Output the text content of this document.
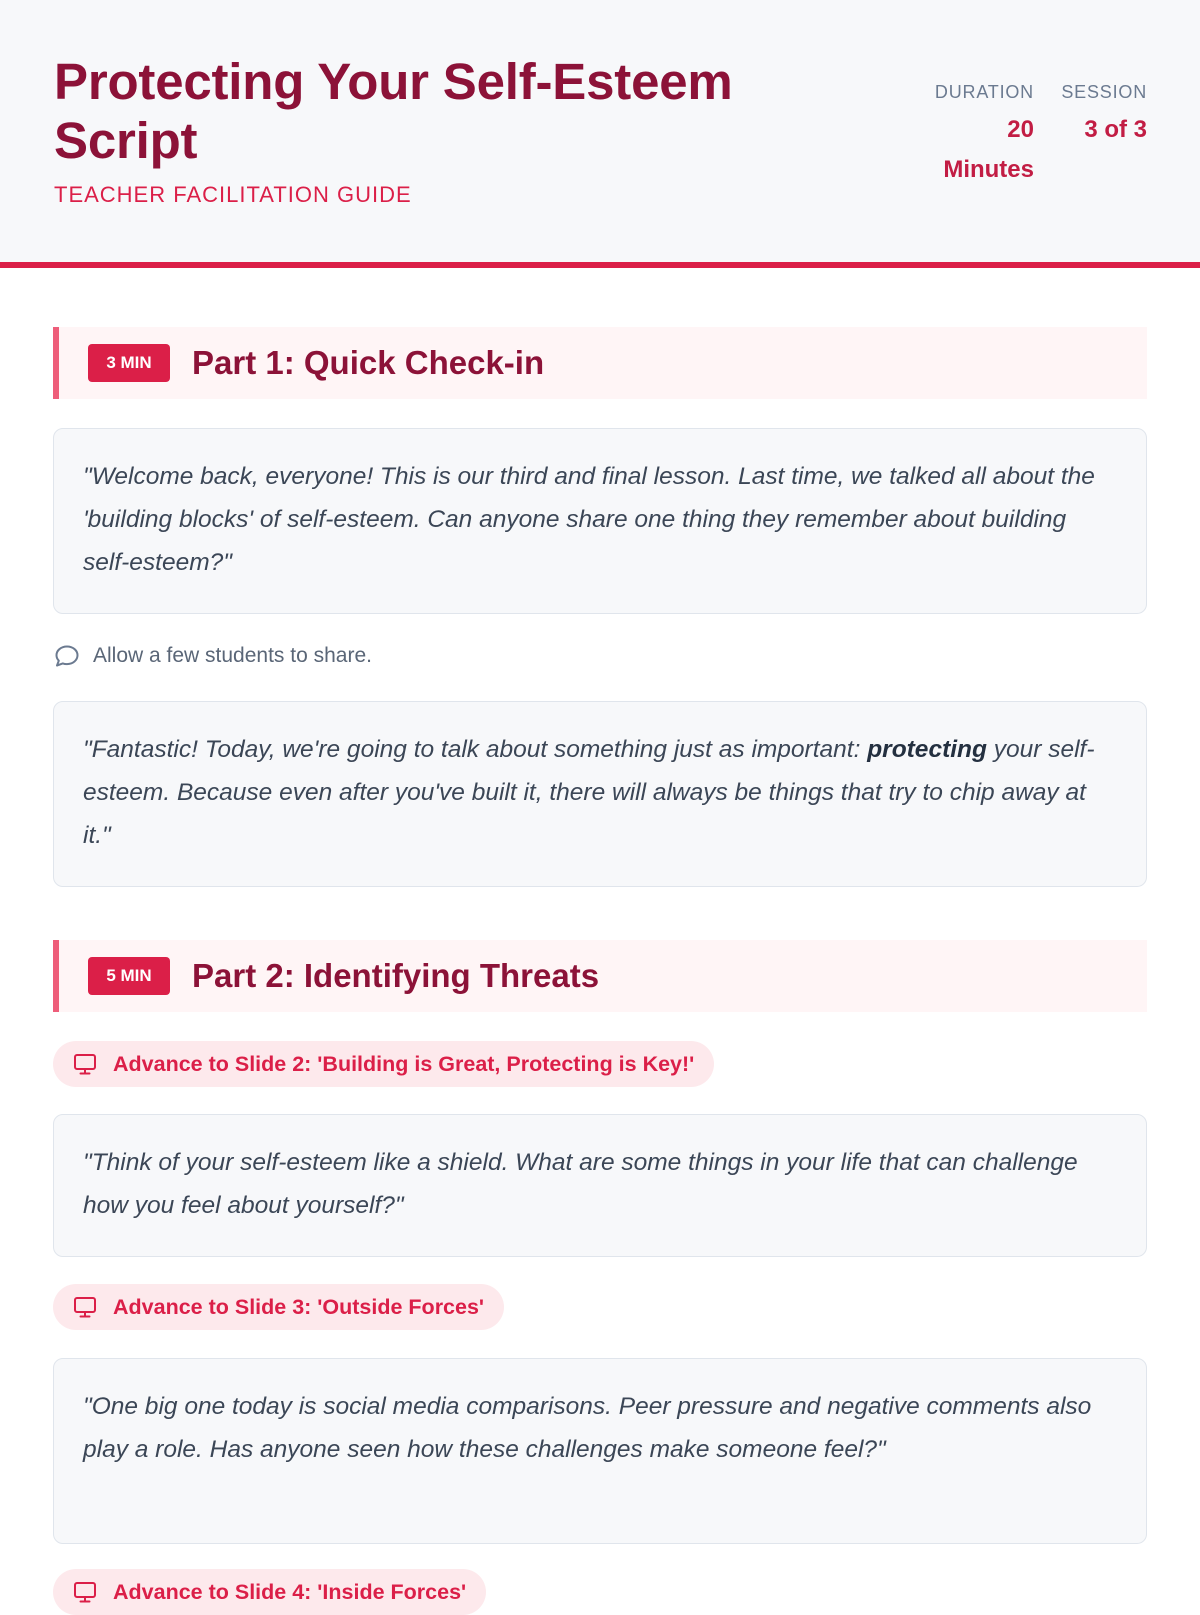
Protecting Your Self-Esteem Script
TEACHER FACILITATION GUIDE
DURATION
20 Minutes
SESSION
3 of 3
3 MIN	Part 1: Quick Check-in
"Welcome back, everyone! This is our third and final lesson. Last time, we talked all about the 'building blocks' of self-esteem. Can anyone share one thing they remember about building self-esteem?"
Allow a few students to share.
"Fantastic! Today, we're going to talk about something just as important: protecting your self-esteem. Because even after you've built it, there will always be things that try to chip away at it."
5 MIN	Part 2: Identifying Threats
Advance to Slide 2: 'Building is Great, Protecting is Key!'
"Think of your self-esteem like a shield. What are some things in your life that can challenge how you feel about yourself?"
Advance to Slide 3: 'Outside Forces'
"One big one today is social media comparisons. Peer pressure and negative comments also play a role. Has anyone seen how these challenges make someone feel?"
Advance to Slide 4: 'Inside Forces'
